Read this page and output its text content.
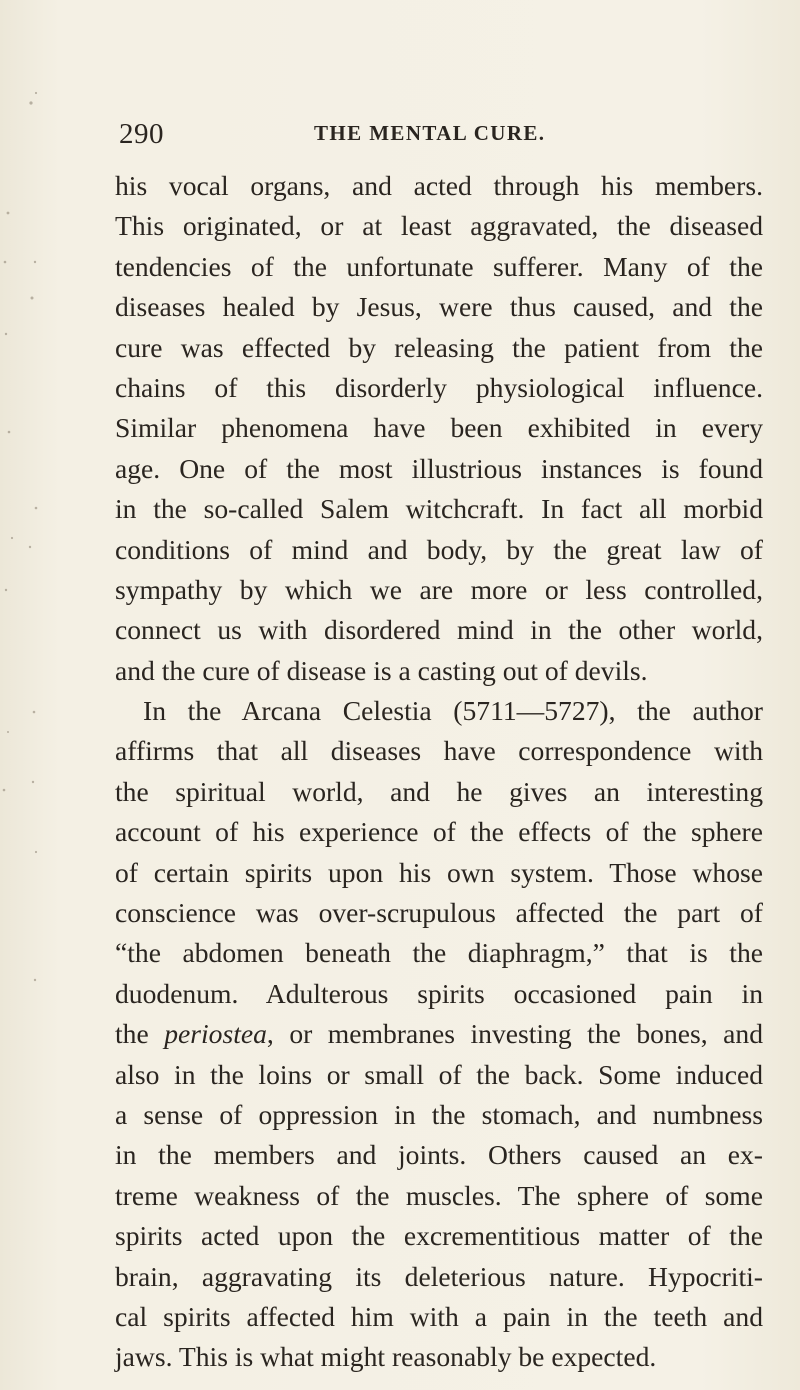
290	THE MENTAL CURE.
his vocal organs, and acted through his members.
This originated, or at least aggravated, the diseased
tendencies of the unfortunate sufferer. Many of the
diseases healed by Jesus, were thus caused, and the
cure was effected by releasing the patient from the
chains of this disorderly physiological influence.
Similar phenomena have been exhibited in every
age. One of the most illustrious instances is found
in the so-called Salem witchcraft. In fact all morbid
conditions of mind and body, by the great law of
sympathy by which we are more or less controlled,
connect us with disordered mind in the other world,
and the cure of disease is a casting out of devils.
In the Arcana Celestia (5711—5727), the author
affirms that all diseases have correspondence with
the spiritual world, and he gives an interesting
account of his experience of the effects of the sphere
of certain spirits upon his own system. Those whose
conscience was over-scrupulous affected the part of
“the abdomen beneath the diaphragm,” that is the
duodenum. Adulterous spirits occasioned pain in
the periostea, or membranes investing the bones, and
also in the loins or small of the back. Some induced
a sense of oppression in the stomach, and numbness
in the members and joints. Others caused an ex-
treme weakness of the muscles. The sphere of some
spirits acted upon the excrementitious matter of the
brain, aggravating its deleterious nature. Hypocriti-
cal spirits affected him with a pain in the teeth and
jaws. This is what might reasonably be expected.
